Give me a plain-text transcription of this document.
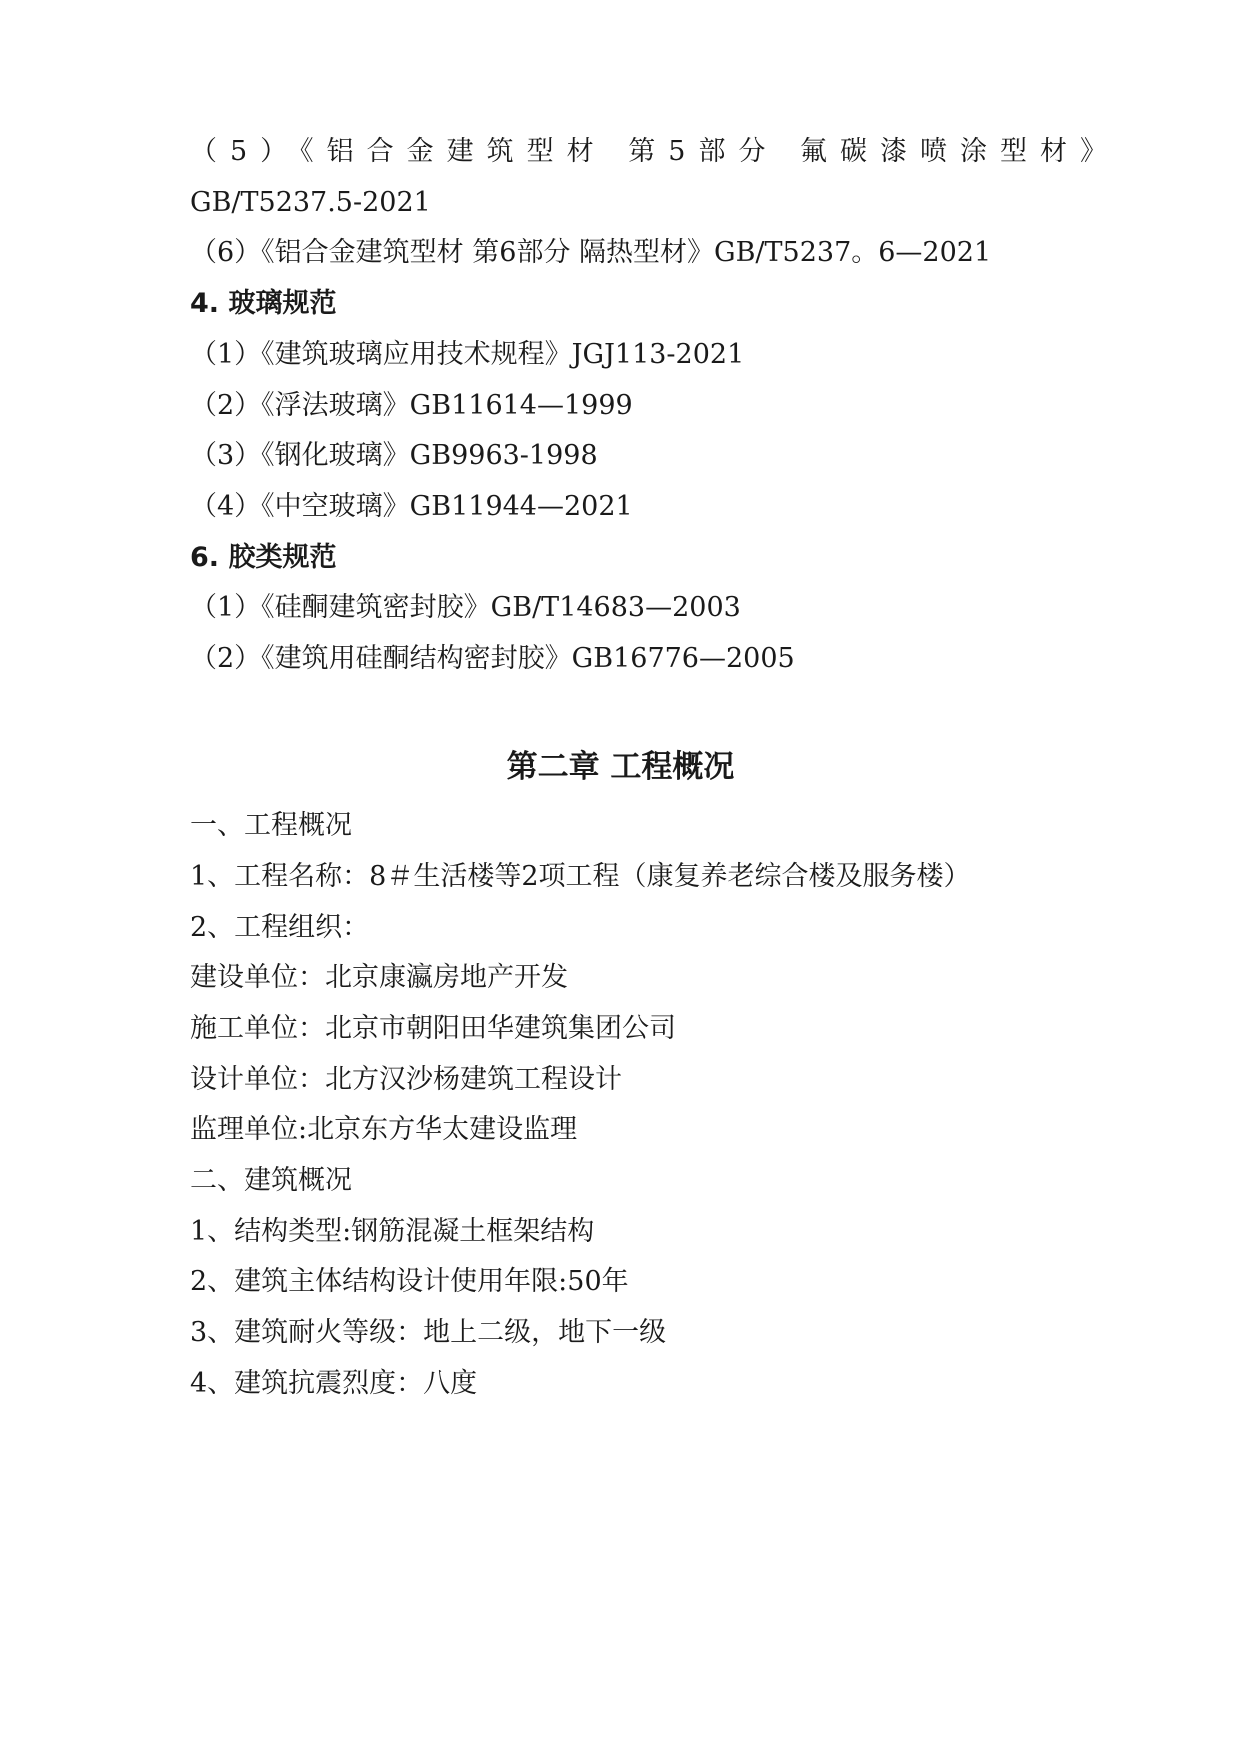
（5）《铝合金建筑型材 第5部分 氟碳漆喷涂型材》

GB/T5237.5-2021

（6）《铝合金建筑型材 第6部分 隔热型材》GB/T5237。6—2021

4. 玻璃规范

（1）《建筑玻璃应用技术规程》JGJ113-2021

（2）《浮法玻璃》GB11614—1999

（3）《钢化玻璃》GB9963-1998

（4）《中空玻璃》GB11944—2021

6. 胶类规范

（1）《硅酮建筑密封胶》GB/T14683—2003

（2）《建筑用硅酮结构密封胶》GB16776—2005

第二章 工程概况

一、工程概况

1、工程名称：8＃生活楼等2项工程（康复养老综合楼及服务楼）

2、工程组织：

建设单位：北京康瀛房地产开发

施工单位：北京市朝阳田华建筑集团公司

设计单位：北方汉沙杨建筑工程设计

监理单位:北京东方华太建设监理

二、建筑概况

1、结构类型:钢筋混凝土框架结构

2、建筑主体结构设计使用年限:50年

3、建筑耐火等级：地上二级，地下一级

4、建筑抗震烈度：八度
